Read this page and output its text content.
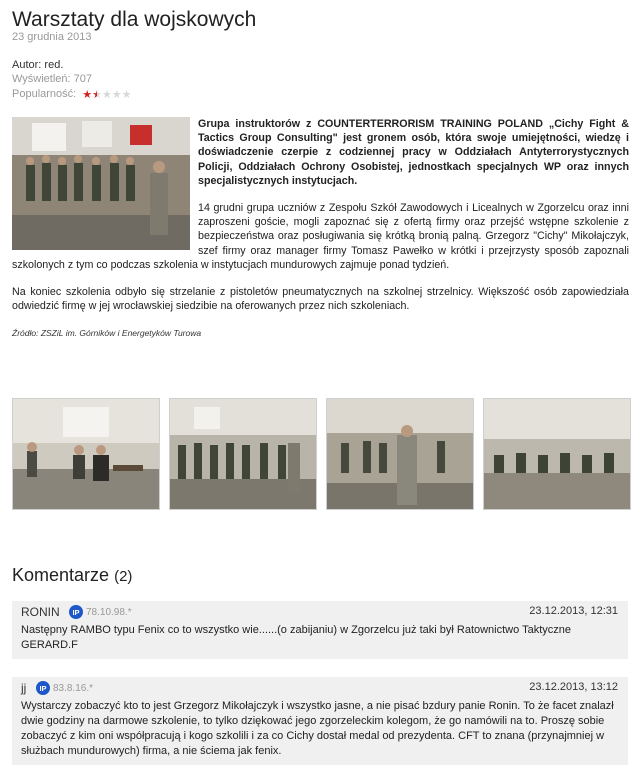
Warsztaty dla wojskowych
23 grudnia 2013
Autor: red.
Wyświetleń: 707
Popularność: ★★★★★

Grupa instruktorów z COUNTERTERRORISM TRAINING POLAND „Cichy Fight & Tactics Group Consulting" jest gronem osób, która swoje umiejętności, wiedzę i doświadczenie czerpie z codziennej pracy w Oddziałach Antyterrorystycznych Policji, Oddziałach Ochrony Osobistej, jednostkach specjalnych WP oraz innych specjalistycznych instytucjach.

14 grudni grupa uczniów z Zespołu Szkół Zawodowych i Licealnych w Zgorzelcu oraz inni zaproszeni goście, mogli zapoznać się z ofertą firmy oraz przejść wstępne szkolenie z bezpieczeństwa oraz posługiwania się krótką bronią palną. Grzegorz "Cichy" Mikołajczyk, szef firmy oraz manager firmy Tomasz Pawełko w krótki i przejrzysty sposób zapoznali szkolonych z tym co podczas szkolenia w instytucjach mundurowych zajmuje ponad tydzień.

Na koniec szkolenia odbyło się strzelanie z pistoletów pneumatycznych na szkolnej strzelnicy. Większość osób zapowiedziała odwiedzić firmę w jej wrocławskiej siedzibie na oferowanych przez nich szkoleniach.

Źródło: ZSZiL im. Górników i Energetyków Turowa

Komentarze (2)
RONIN	IP 78.10.98.*	23.12.2013, 12:31
Następny RAMBO typu Fenix co to wszystko wie......(o zabijaniu) w Zgorzelcu już taki był Ratownictwo Taktyczne GERARD.F
jj	IP 83.8.16.*	23.12.2013, 13:12
Wystarczy zobaczyć kto to jest Grzegorz Mikołajczyk i wszystko jasne, a nie pisać bzdury panie Ronin. To że facet znalazł dwie godziny na darmowe szkolenie, to tylko dziękować jego zgorzeleckim kolegom, że go namówili na to. Proszę sobie zobaczyć z kim oni współpracują i kogo szkolili i za co Cichy dostał medal od prezydenta. CFT to znana (przynajmniej w służbach mundurowych) firma, a nie ściema jak fenix.
